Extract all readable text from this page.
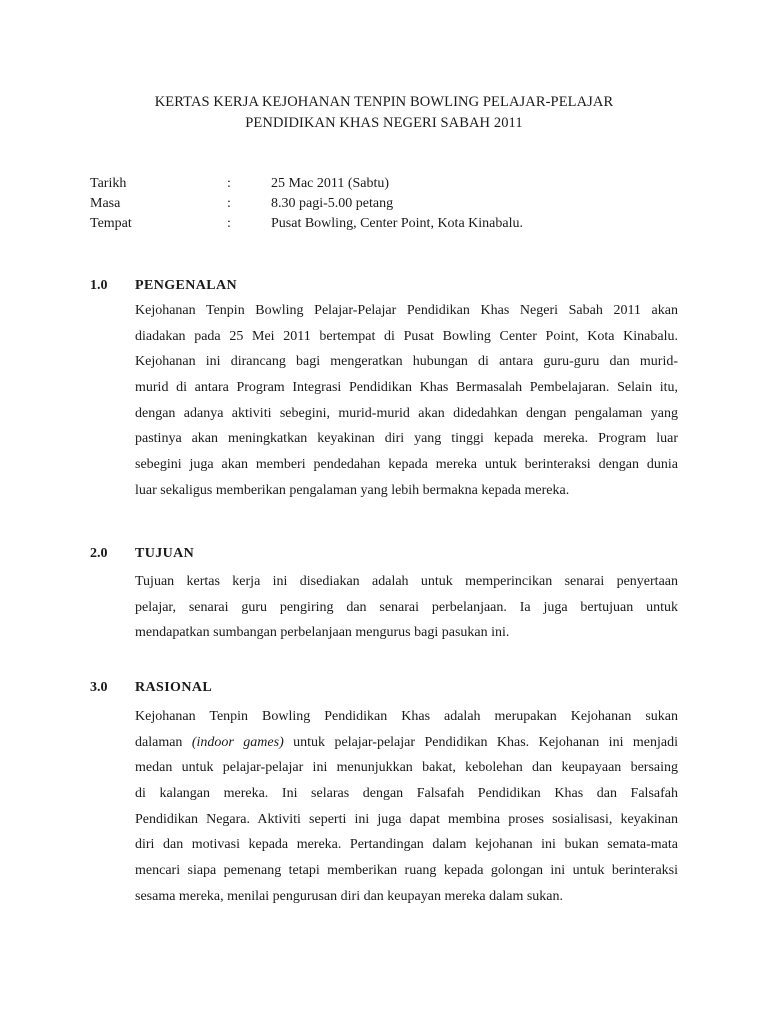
KERTAS KERJA KEJOHANAN TENPIN BOWLING PELAJAR-PELAJAR
PENDIDIKAN KHAS NEGERI SABAH 2011
Tarikh	:	25 Mac 2011 (Sabtu)
Masa	:	8.30 pagi-5.00 petang
Tempat	:	Pusat Bowling, Center Point, Kota Kinabalu.
1.0 PENGENALAN
Kejohanan Tenpin Bowling Pelajar-Pelajar Pendidikan Khas Negeri Sabah 2011 akan
diadakan pada 25 Mei 2011 bertempat di Pusat Bowling Center Point, Kota Kinabalu.
Kejohanan ini dirancang bagi mengeratkan hubungan di antara guru-guru dan murid-
murid di antara Program Integrasi Pendidikan Khas Bermasalah Pembelajaran. Selain itu,
dengan adanya aktiviti sebegini, murid-murid akan didedahkan dengan pengalaman yang
pastinya akan meningkatkan keyakinan diri yang tinggi kepada mereka. Program luar
sebegini juga akan memberi pendedahan kepada mereka untuk berinteraksi dengan dunia
luar sekaligus memberikan pengalaman yang lebih bermakna kepada mereka.
2.0 TUJUAN
Tujuan kertas kerja ini disediakan adalah untuk memperincikan senarai penyertaan
pelajar, senarai guru pengiring dan senarai perbelanjaan. Ia juga bertujuan untuk
mendapatkan sumbangan perbelanjaan mengurus bagi pasukan ini.
3.0 RASIONAL
Kejohanan Tenpin Bowling Pendidikan Khas adalah merupakan Kejohanan sukan
dalaman (indoor games) untuk pelajar-pelajar Pendidikan Khas. Kejohanan ini menjadi
medan untuk pelajar-pelajar ini menunjukkan bakat, kebolehan dan keupayaan bersaing
di kalangan mereka. Ini selaras dengan Falsafah Pendidikan Khas dan Falsafah
Pendidikan Negara. Aktiviti seperti ini juga dapat membina proses sosialisasi, keyakinan
diri dan motivasi kepada mereka. Pertandingan dalam kejohanan ini bukan semata-mata
mencari siapa pemenang tetapi memberikan ruang kepada golongan ini untuk berinteraksi
sesama mereka, menilai pengurusan diri dan keupayan mereka dalam sukan.
